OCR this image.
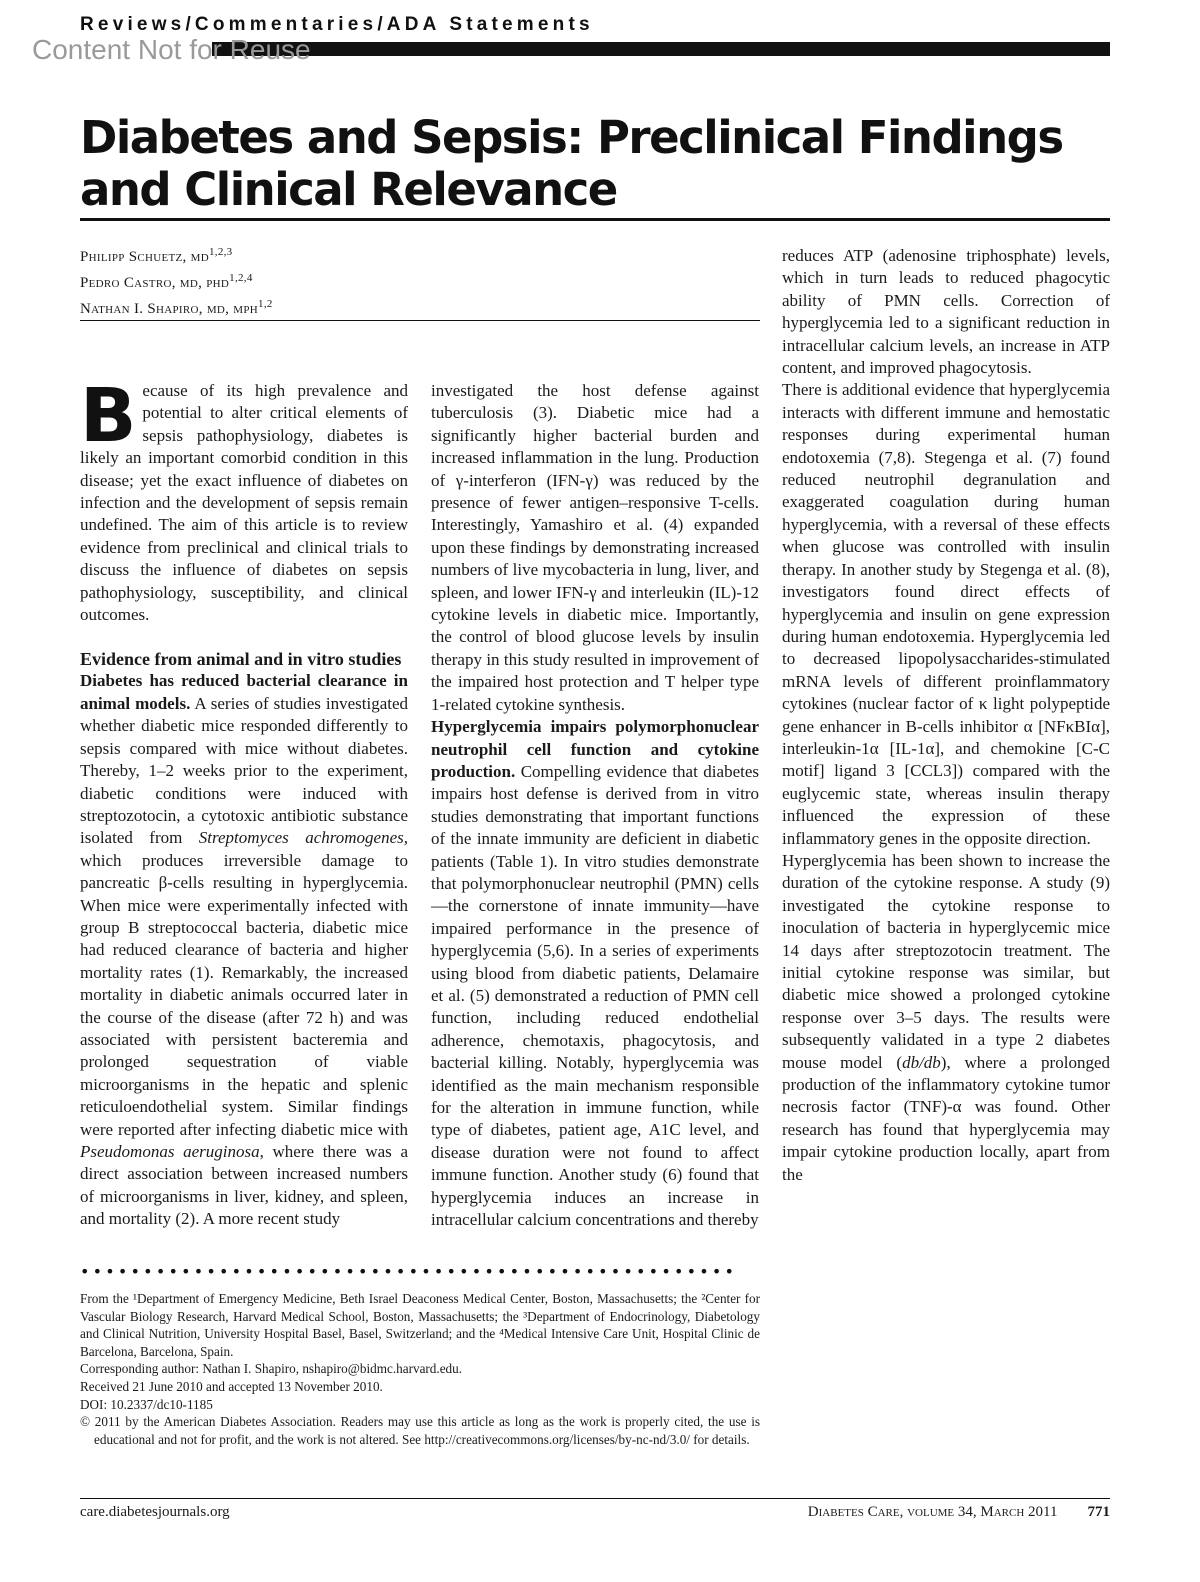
Reviews/Commentaries/ADA Statements
Content Not for Reuse
Diabetes and Sepsis: Preclinical Findings
and Clinical Relevance
Philipp Schuetz, md$^{1,2,3}$
Pedro Castro, md, phd$^{1,2,4}$
Nathan I. Shapiro, md, mph$^{1,2}$

Because of its high prevalence and potential to alter critical elements of sepsis pathophysiology, diabetes is likely an important comorbid condition in this disease; yet the exact influence of diabetes on infection and the development of sepsis remain undefined. The aim of this article is to review evidence from preclinical and clinical trials to discuss the influence of diabetes on sepsis pathophysiology, susceptibility, and clinical outcomes.

Evidence from animal and in vitro studies

Diabetes has reduced bacterial clearance in animal models. A series of studies investigated whether diabetic mice responded differently to sepsis compared with mice without diabetes. Thereby, 1–2 weeks prior to the experiment, diabetic conditions were induced with streptozotocin, a cytotoxic antibiotic substance isolated from Streptomyces achromogenes, which produces irreversible damage to pancreatic β-cells resulting in hyperglycemia. When mice were experimentally infected with group B streptococcal bacteria, diabetic mice had reduced clearance of bacteria and higher mortality rates (1). Remarkably, the increased mortality in diabetic animals occurred later in the course of the disease (after 72 h) and was associated with persistent bacteremia and prolonged sequestration of viable microorganisms in the hepatic and splenic reticuloendothelial system. Similar findings were reported after infecting diabetic mice with Pseudomonas aeruginosa, where there was a direct association between increased numbers of microorganisms in liver, kidney, and spleen, and mortality (2). A more recent study

••••••••••••••••••••••••••••••••••••••••••••••••••••

From the ¹Department of Emergency Medicine, Beth Israel Deaconess Medical Center, Boston, Massachusetts; the ²Center for Vascular Biology Research, Harvard Medical School, Boston, Massachusetts; the ³Department of Endocrinology, Diabetology and Clinical Nutrition, University Hospital Basel, Basel, Switzerland; and the ⁴Medical Intensive Care Unit, Hospital Clinic de Barcelona, Barcelona, Spain.

Corresponding author: Nathan I. Shapiro, nshapiro@bidmc.harvard.edu.

Received 21 June 2010 and accepted 13 November 2010.

DOI: 10.2337/dc10-1185

© 2011 by the American Diabetes Association. Readers may use this article as long as the work is properly cited, the use is educational and not for profit, and the work is not altered. See http://creativecommons.org/licenses/by-nc-nd/3.0/ for details.

care.diabetesjournals.org	Diabetes Care, volume 34, March 2011 771

investigated the host defense against tuberculosis (3). Diabetic mice had a significantly higher bacterial burden and increased inflammation in the lung. Production of γ-interferon (IFN-γ) was reduced by the presence of fewer antigen–responsive T-cells. Interestingly, Yamashiro et al. (4) expanded upon these findings by demonstrating increased numbers of live mycobacteria in lung, liver, and spleen, and lower IFN-γ and interleukin (IL)-12 cytokine levels in diabetic mice. Importantly, the control of blood glucose levels by insulin therapy in this study resulted in improvement of the impaired host protection and T helper type 1-related cytokine synthesis.

Hyperglycemia impairs polymorphonuclear neutrophil cell function and cytokine production. Compelling evidence that diabetes impairs host defense is derived from in vitro studies demonstrating that important functions of the innate immunity are deficient in diabetic patients (Table 1). In vitro studies demonstrate that polymorphonuclear neutrophil (PMN) cells—the cornerstone of innate immunity—have impaired performance in the presence of hyperglycemia (5,6). In a series of experiments using blood from diabetic patients, Delamaire et al. (5) demonstrated a reduction of PMN cell function, including reduced endothelial adherence, chemotaxis, phagocytosis, and bacterial killing. Notably, hyperglycemia was identified as the main mechanism responsible for the alteration in immune function, while type of diabetes, patient age, A1C level, and disease duration were not found to affect immune function. Another study (6) found that hyperglycemia induces an increase in intracellular calcium concentrations and thereby

reduces ATP (adenosine triphosphate) levels, which in turn leads to reduced phagocytic ability of PMN cells. Correction of hyperglycemia led to a significant reduction in intracellular calcium levels, an increase in ATP content, and improved phagocytosis.

There is additional evidence that hyperglycemia interacts with different immune and hemostatic responses during experimental human endotoxemia (7,8). Stegenga et al. (7) found reduced neutrophil degranulation and exaggerated coagulation during human hyperglycemia, with a reversal of these effects when glucose was controlled with insulin therapy. In another study by Stegenga et al. (8), investigators found direct effects of hyperglycemia and insulin on gene expression during human endotoxemia. Hyperglycemia led to decreased lipopolysaccharides-stimulated mRNA levels of different proinflammatory cytokines (nuclear factor of κ light polypeptide gene enhancer in B-cells inhibitor α [NFκBIα], interleukin-1α [IL-1α], and chemokine [C-C motif] ligand 3 [CCL3]) compared with the euglycemic state, whereas insulin therapy influenced the expression of these inflammatory genes in the opposite direction.

Hyperglycemia has been shown to increase the duration of the cytokine response. A study (9) investigated the cytokine response to inoculation of bacteria in hyperglycemic mice 14 days after streptozotocin treatment. The initial cytokine response was similar, but diabetic mice showed a prolonged cytokine response over 3–5 days. The results were subsequently validated in a type 2 diabetes mouse model (db/db), where a prolonged production of the inflammatory cytokine tumor necrosis factor (TNF)-α was found. Other research has found that hyperglycemia may impair cytokine production locally, apart from the
